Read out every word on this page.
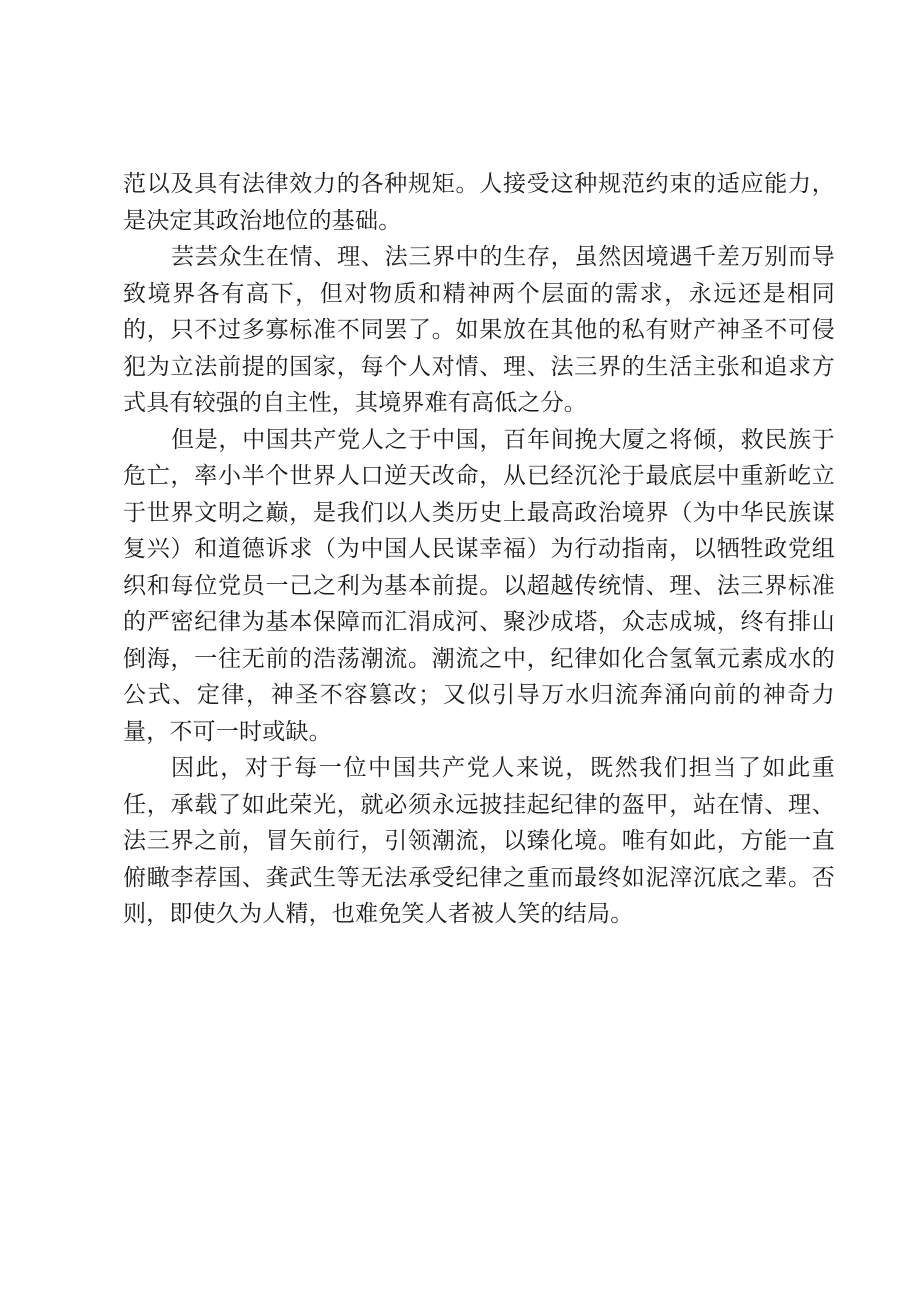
范以及具有法律效力的各种规矩。人接受这种规范约束的适应能力，是决定其政治地位的基础。

芸芸众生在情、理、法三界中的生存，虽然因境遇千差万别而导致境界各有高下，但对物质和精神两个层面的需求，永远还是相同的，只不过多寡标准不同罢了。如果放在其他的私有财产神圣不可侵犯为立法前提的国家，每个人对情、理、法三界的生活主张和追求方式具有较强的自主性，其境界难有高低之分。

但是，中国共产党人之于中国，百年间挽大厦之将倾，救民族于危亡，率小半个世界人口逆天改命，从已经沉沦于最底层中重新屹立于世界文明之巅，是我们以人类历史上最高政治境界（为中华民族谋复兴）和道德诉求（为中国人民谋幸福）为行动指南，以牺牲政党组织和每位党员一己之利为基本前提。以超越传统情、理、法三界标准的严密纪律为基本保障而汇涓成河、聚沙成塔，众志成城，终有排山倒海，一往无前的浩荡潮流。潮流之中，纪律如化合氢氧元素成水的公式、定律，神圣不容篡改；又似引导万水归流奔涌向前的神奇力量，不可一时或缺。

因此，对于每一位中国共产党人来说，既然我们担当了如此重任，承载了如此荣光，就必须永远披挂起纪律的盔甲，站在情、理、法三界之前，冒矢前行，引领潮流，以臻化境。唯有如此，方能一直俯瞰李荐国、龚武生等无法承受纪律之重而最终如泥滓沉底之辈。否则，即使久为人精，也难免笑人者被人笑的结局。
